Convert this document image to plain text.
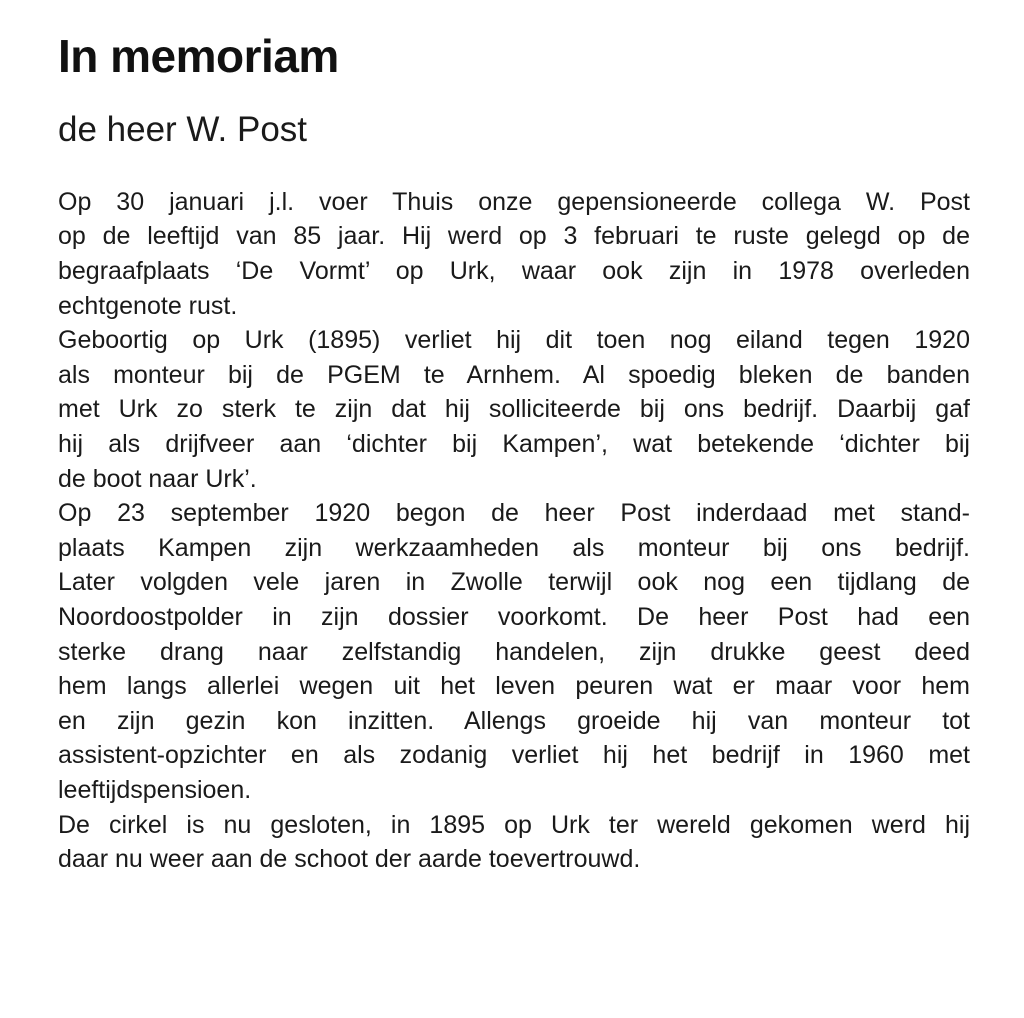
In memoriam
de heer W. Post

Op 30 januari j.l. voer Thuis onze gepensioneerde collega W. Post
op de leeftijd van 85 jaar. Hij werd op 3 februari te ruste gelegd op de
begraafplaats ‘De Vormt’ op Urk, waar ook zijn in 1978 overleden
echtgenote rust.

Geboortig op Urk (1895) verliet hij dit toen nog eiland tegen 1920
als monteur bij de PGEM te Arnhem. Al spoedig bleken de banden
met Urk zo sterk te zijn dat hij solliciteerde bij ons bedrijf. Daarbij gaf
hij als drijfveer aan ‘dichter bij Kampen’, wat betekende ‘dichter bij
de boot naar Urk’.

Op 23 september 1920 begon de heer Post inderdaad met stand-
plaats Kampen zijn werkzaamheden als monteur bij ons bedrijf.
Later volgden vele jaren in Zwolle terwijl ook nog een tijdlang de
Noordoostpolder in zijn dossier voorkomt. De heer Post had een
sterke drang naar zelfstandig handelen, zijn drukke geest deed
hem langs allerlei wegen uit het leven peuren wat er maar voor hem
en zijn gezin kon inzitten. Allengs groeide hij van monteur tot
assistent-opzichter en als zodanig verliet hij het bedrijf in 1960 met
leeftijdspensioen.

De cirkel is nu gesloten, in 1895 op Urk ter wereld gekomen werd hij
daar nu weer aan de schoot der aarde toevertrouwd.
